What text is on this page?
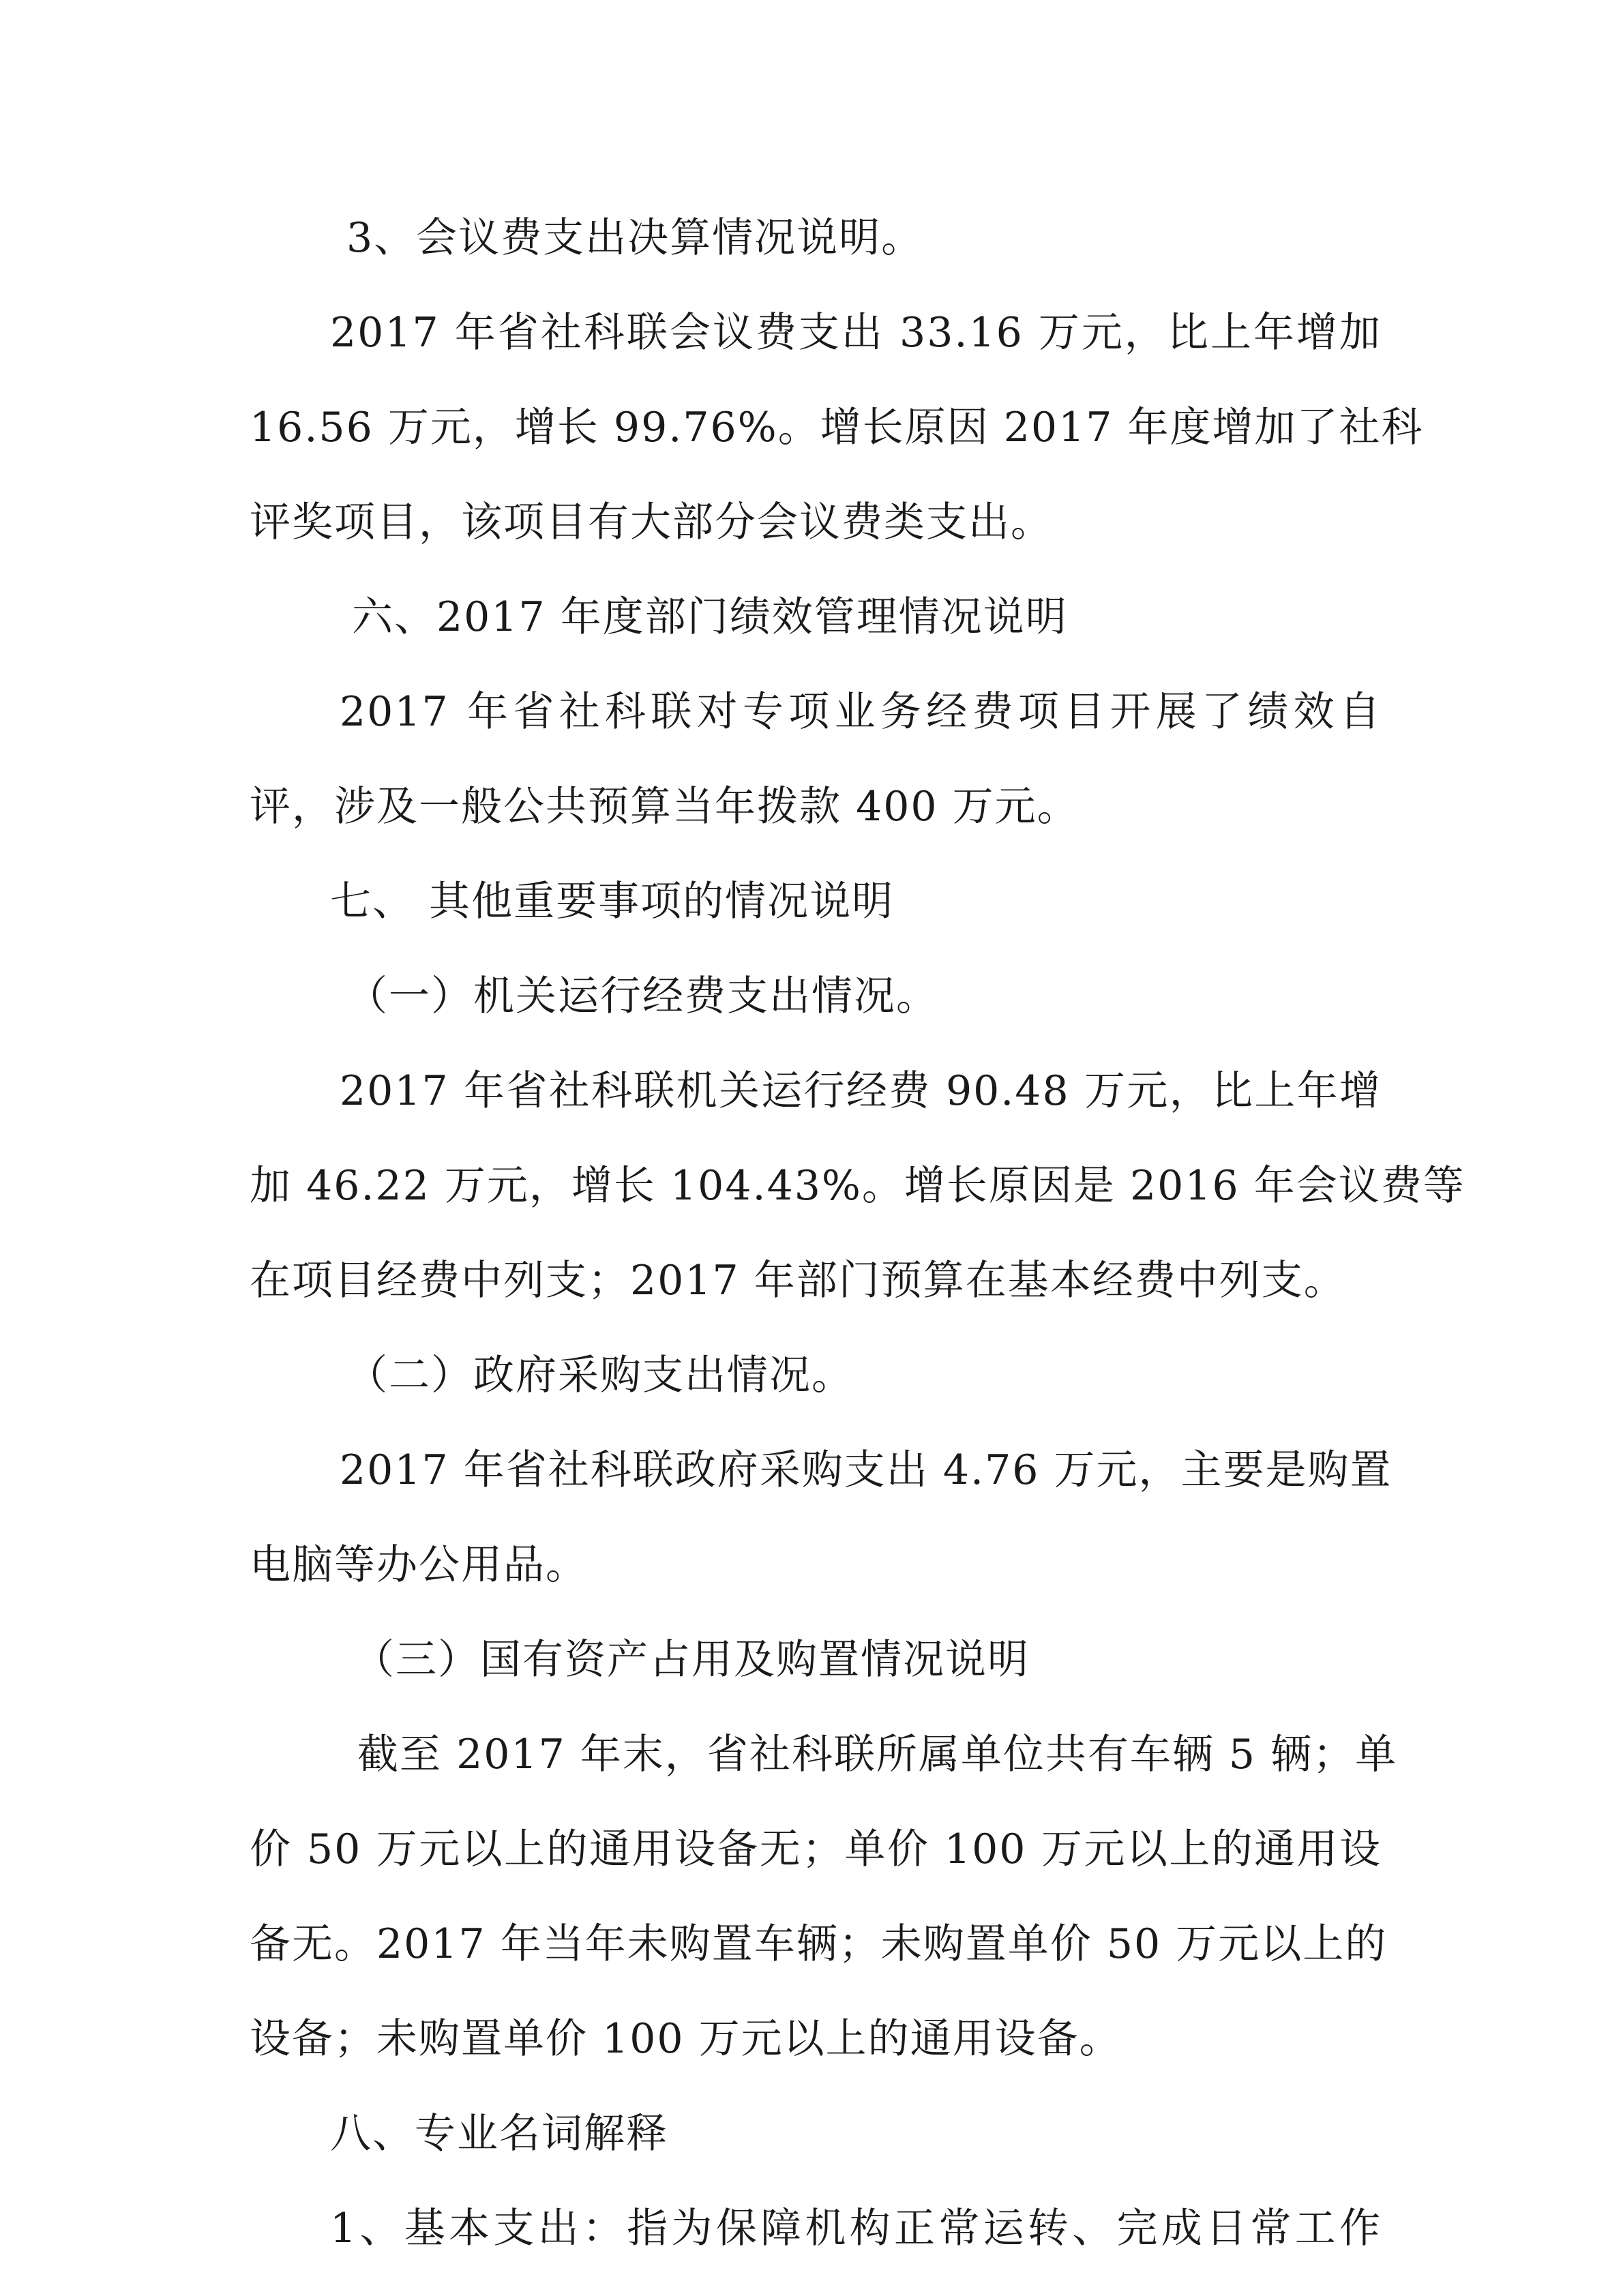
3、会议费支出决算情况说明。
2017 年省社科联会议费支出 33.16 万元，比上年增加
16.56 万元，增长 99.76%。增长原因 2017 年度增加了社科
评奖项目，该项目有大部分会议费类支出。
六、2017 年度部门绩效管理情况说明
2017 年省社科联对专项业务经费项目开展了绩效自
评，涉及一般公共预算当年拨款 400 万元。
七、 其他重要事项的情况说明
（一）机关运行经费支出情况。
2017 年省社科联机关运行经费 90.48 万元，比上年增
加 46.22 万元，增长 104.43%。增长原因是 2016 年会议费等
在项目经费中列支；2017 年部门预算在基本经费中列支。
（二）政府采购支出情况。
2017 年省社科联政府采购支出 4.76 万元，主要是购置
电脑等办公用品。
（三）国有资产占用及购置情况说明
截至 2017 年末，省社科联所属单位共有车辆 5 辆；单
价 50 万元以上的通用设备无；单价 100 万元以上的通用设
备无。2017 年当年未购置车辆；未购置单价 50 万元以上的
设备；未购置单价 100 万元以上的通用设备。
八、专业名词解释
1、基本支出：指为保障机构正常运转、完成日常工作
